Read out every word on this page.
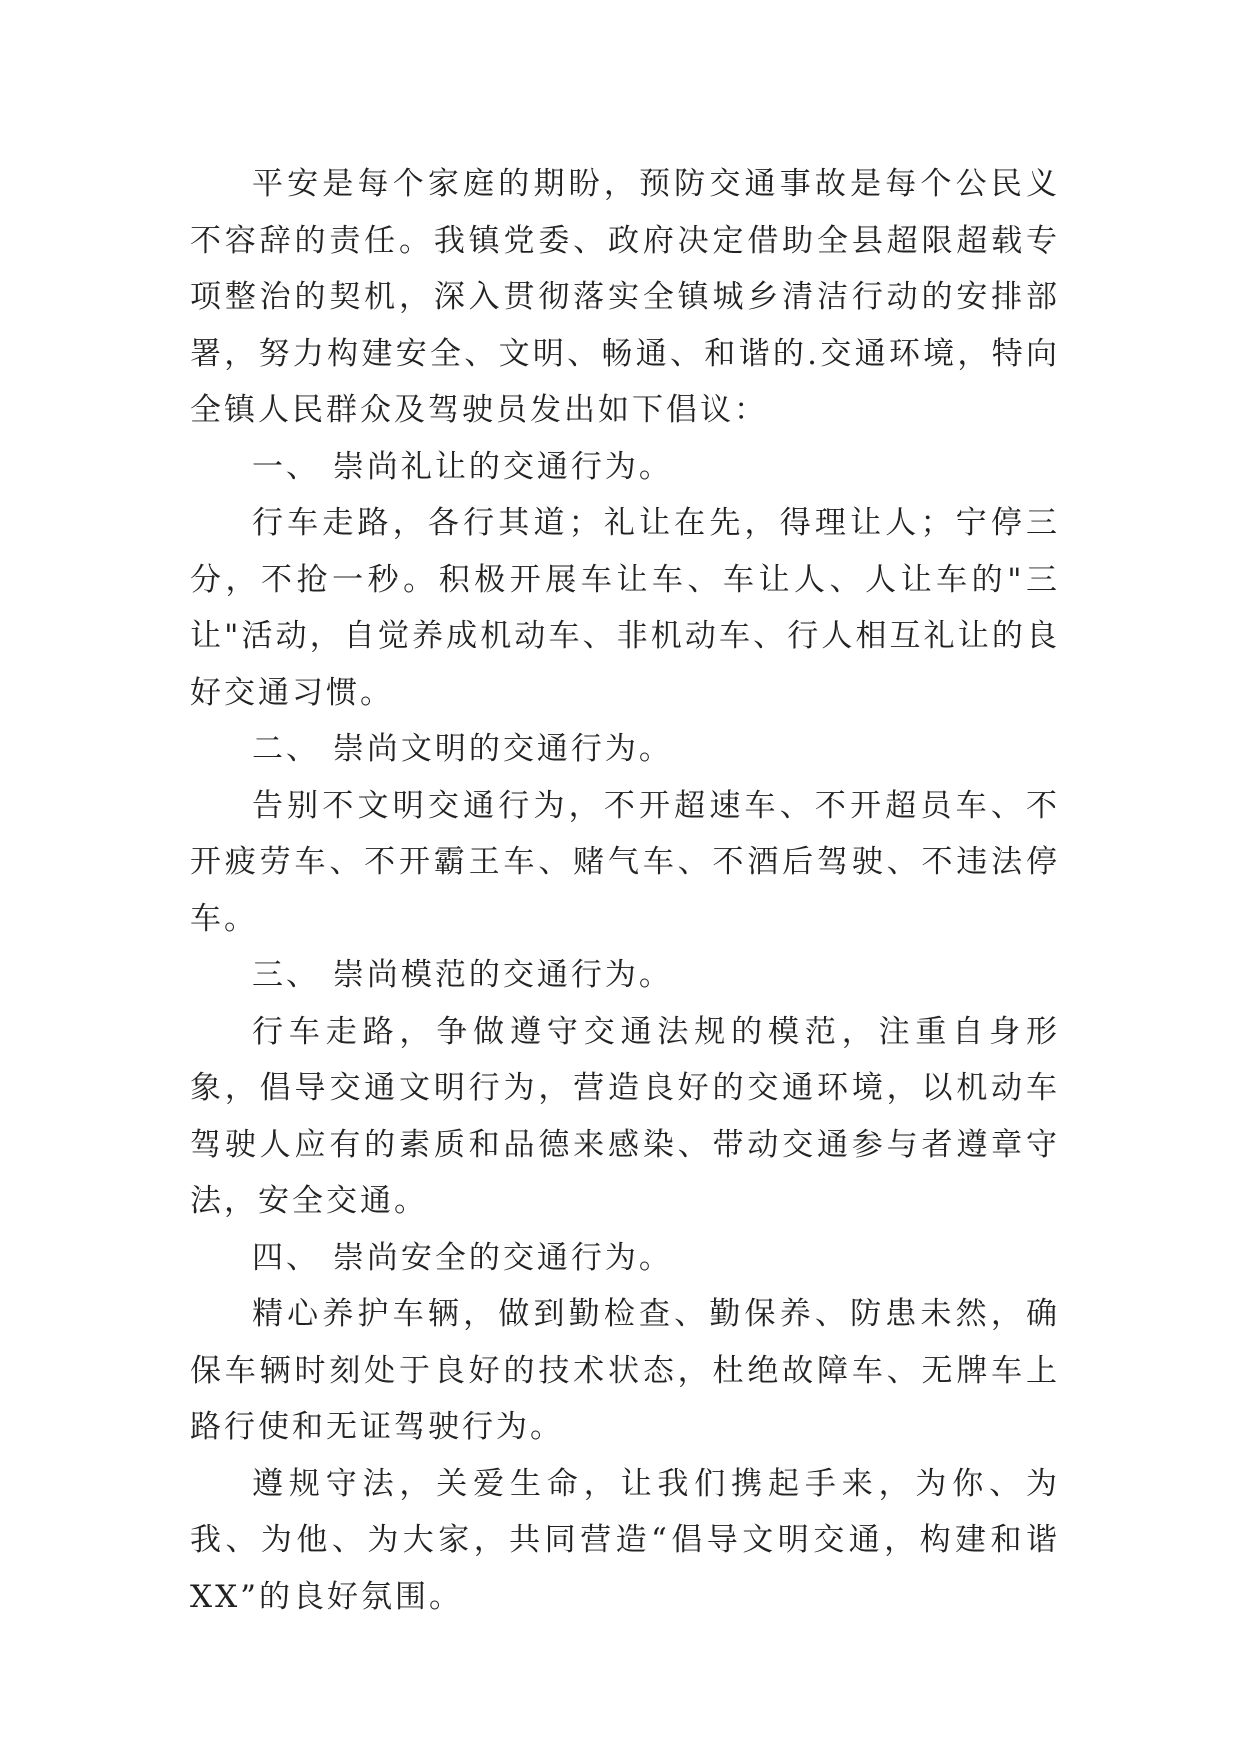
平安是每个家庭的期盼，预防交通事故是每个公民义不容辞的责任。我镇党委、政府决定借助全县超限超载专项整治的契机，深入贯彻落实全镇城乡清洁行动的安排部署，努力构建安全、文明、畅通、和谐的.交通环境，特向全镇人民群众及驾驶员发出如下倡议：

一、 崇尚礼让的交通行为。

行车走路，各行其道；礼让在先，得理让人；宁停三分，不抢一秒。积极开展车让车、车让人、人让车的"三让"活动，自觉养成机动车、非机动车、行人相互礼让的良好交通习惯。

二、 崇尚文明的交通行为。

告别不文明交通行为，不开超速车、不开超员车、不开疲劳车、不开霸王车、赌气车、不酒后驾驶、不违法停车。

三、 崇尚模范的交通行为。

行车走路，争做遵守交通法规的模范，注重自身形象，倡导交通文明行为，营造良好的交通环境，以机动车驾驶人应有的素质和品德来感染、带动交通参与者遵章守法，安全交通。

四、 崇尚安全的交通行为。

精心养护车辆，做到勤检查、勤保养、防患未然，确保车辆时刻处于良好的技术状态，杜绝故障车、无牌车上路行使和无证驾驶行为。

遵规守法，关爱生命，让我们携起手来，为你、为我、为他、为大家，共同营造“倡导文明交通，构建和谐XX”的良好氛围。
